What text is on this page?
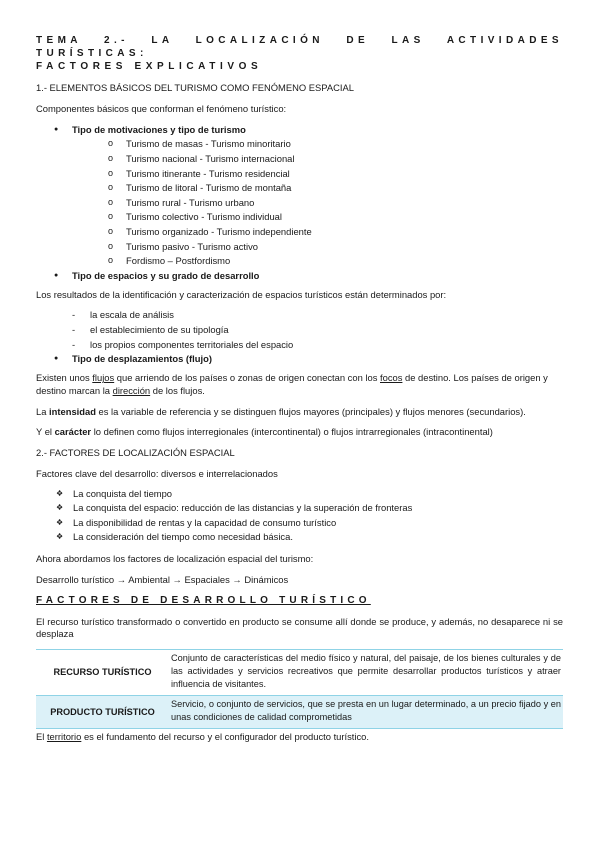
TEMA 2.- LA LOCALIZACIÓN DE LAS ACTIVIDADES TURÍSTICAS:
FACTORES EXPLICATIVOS

1.- ELEMENTOS BÁSICOS DEL TURISMO COMO FENÓMENO ESPACIAL

Componentes básicos que conforman el fenómeno turístico:

● Tipo de motivaciones y tipo de turismo
o Turismo de masas - Turismo minoritario
o Turismo nacional - Turismo internacional
o Turismo itinerante - Turismo residencial
o Turismo de litoral - Turismo de montaña
o Turismo rural - Turismo urbano
o Turismo colectivo - Turismo individual
o Turismo organizado - Turismo independiente
o Turismo pasivo - Turismo activo
o Fordismo – Postfordismo
● Tipo de espacios y su grado de desarrollo

Los resultados de la identificación y caracterización de espacios turísticos están determinados por:

- la escala de análisis
- el establecimiento de su tipología
- los propios componentes territoriales del espacio
● Tipo de desplazamientos (flujo)

Existen unos flujos que arriendo de los países o zonas de origen conectan con los focos de destino. Los países de origen y destino marcan la dirección de los flujos.

La intensidad es la variable de referencia y se distinguen flujos mayores (principales) y flujos menores (secundarios).

Y el carácter lo definen como flujos interregionales (intercontinental) o flujos intrarregionales (intracontinental)

2.- FACTORES DE LOCALIZACIÓN ESPACIAL

Factores clave del desarrollo: diversos e interrelacionados

❖ La conquista del tiempo
❖ La conquista del espacio: reducción de las distancias y la superación de fronteras
❖ La disponibilidad de rentas y la capacidad de consumo turístico
❖ La consideración del tiempo como necesidad básica.

Ahora abordamos los factores de localización espacial del turismo:

Desarrollo turístico → Ambiental → Espaciales → Dinámicos

FACTORES DE DESARROLLO TURÍSTICO

El recurso turístico transformado o convertido en producto se consume allí donde se produce, y además, no desaparece ni se desplaza

RECURSO TURÍSTICO	Conjunto de características del medio físico y natural, del paisaje, de los bienes culturales y de las actividades y servicios recreativos que permite desarrollar productos turísticos y atraer influencia de visitantes.
PRODUCTO TURÍSTICO	Servicio, o conjunto de servicios, que se presta en un lugar determinado, a un precio fijado y en unas condiciones de calidad comprometidas

El territorio es el fundamento del recurso y el configurador del producto turístico.
